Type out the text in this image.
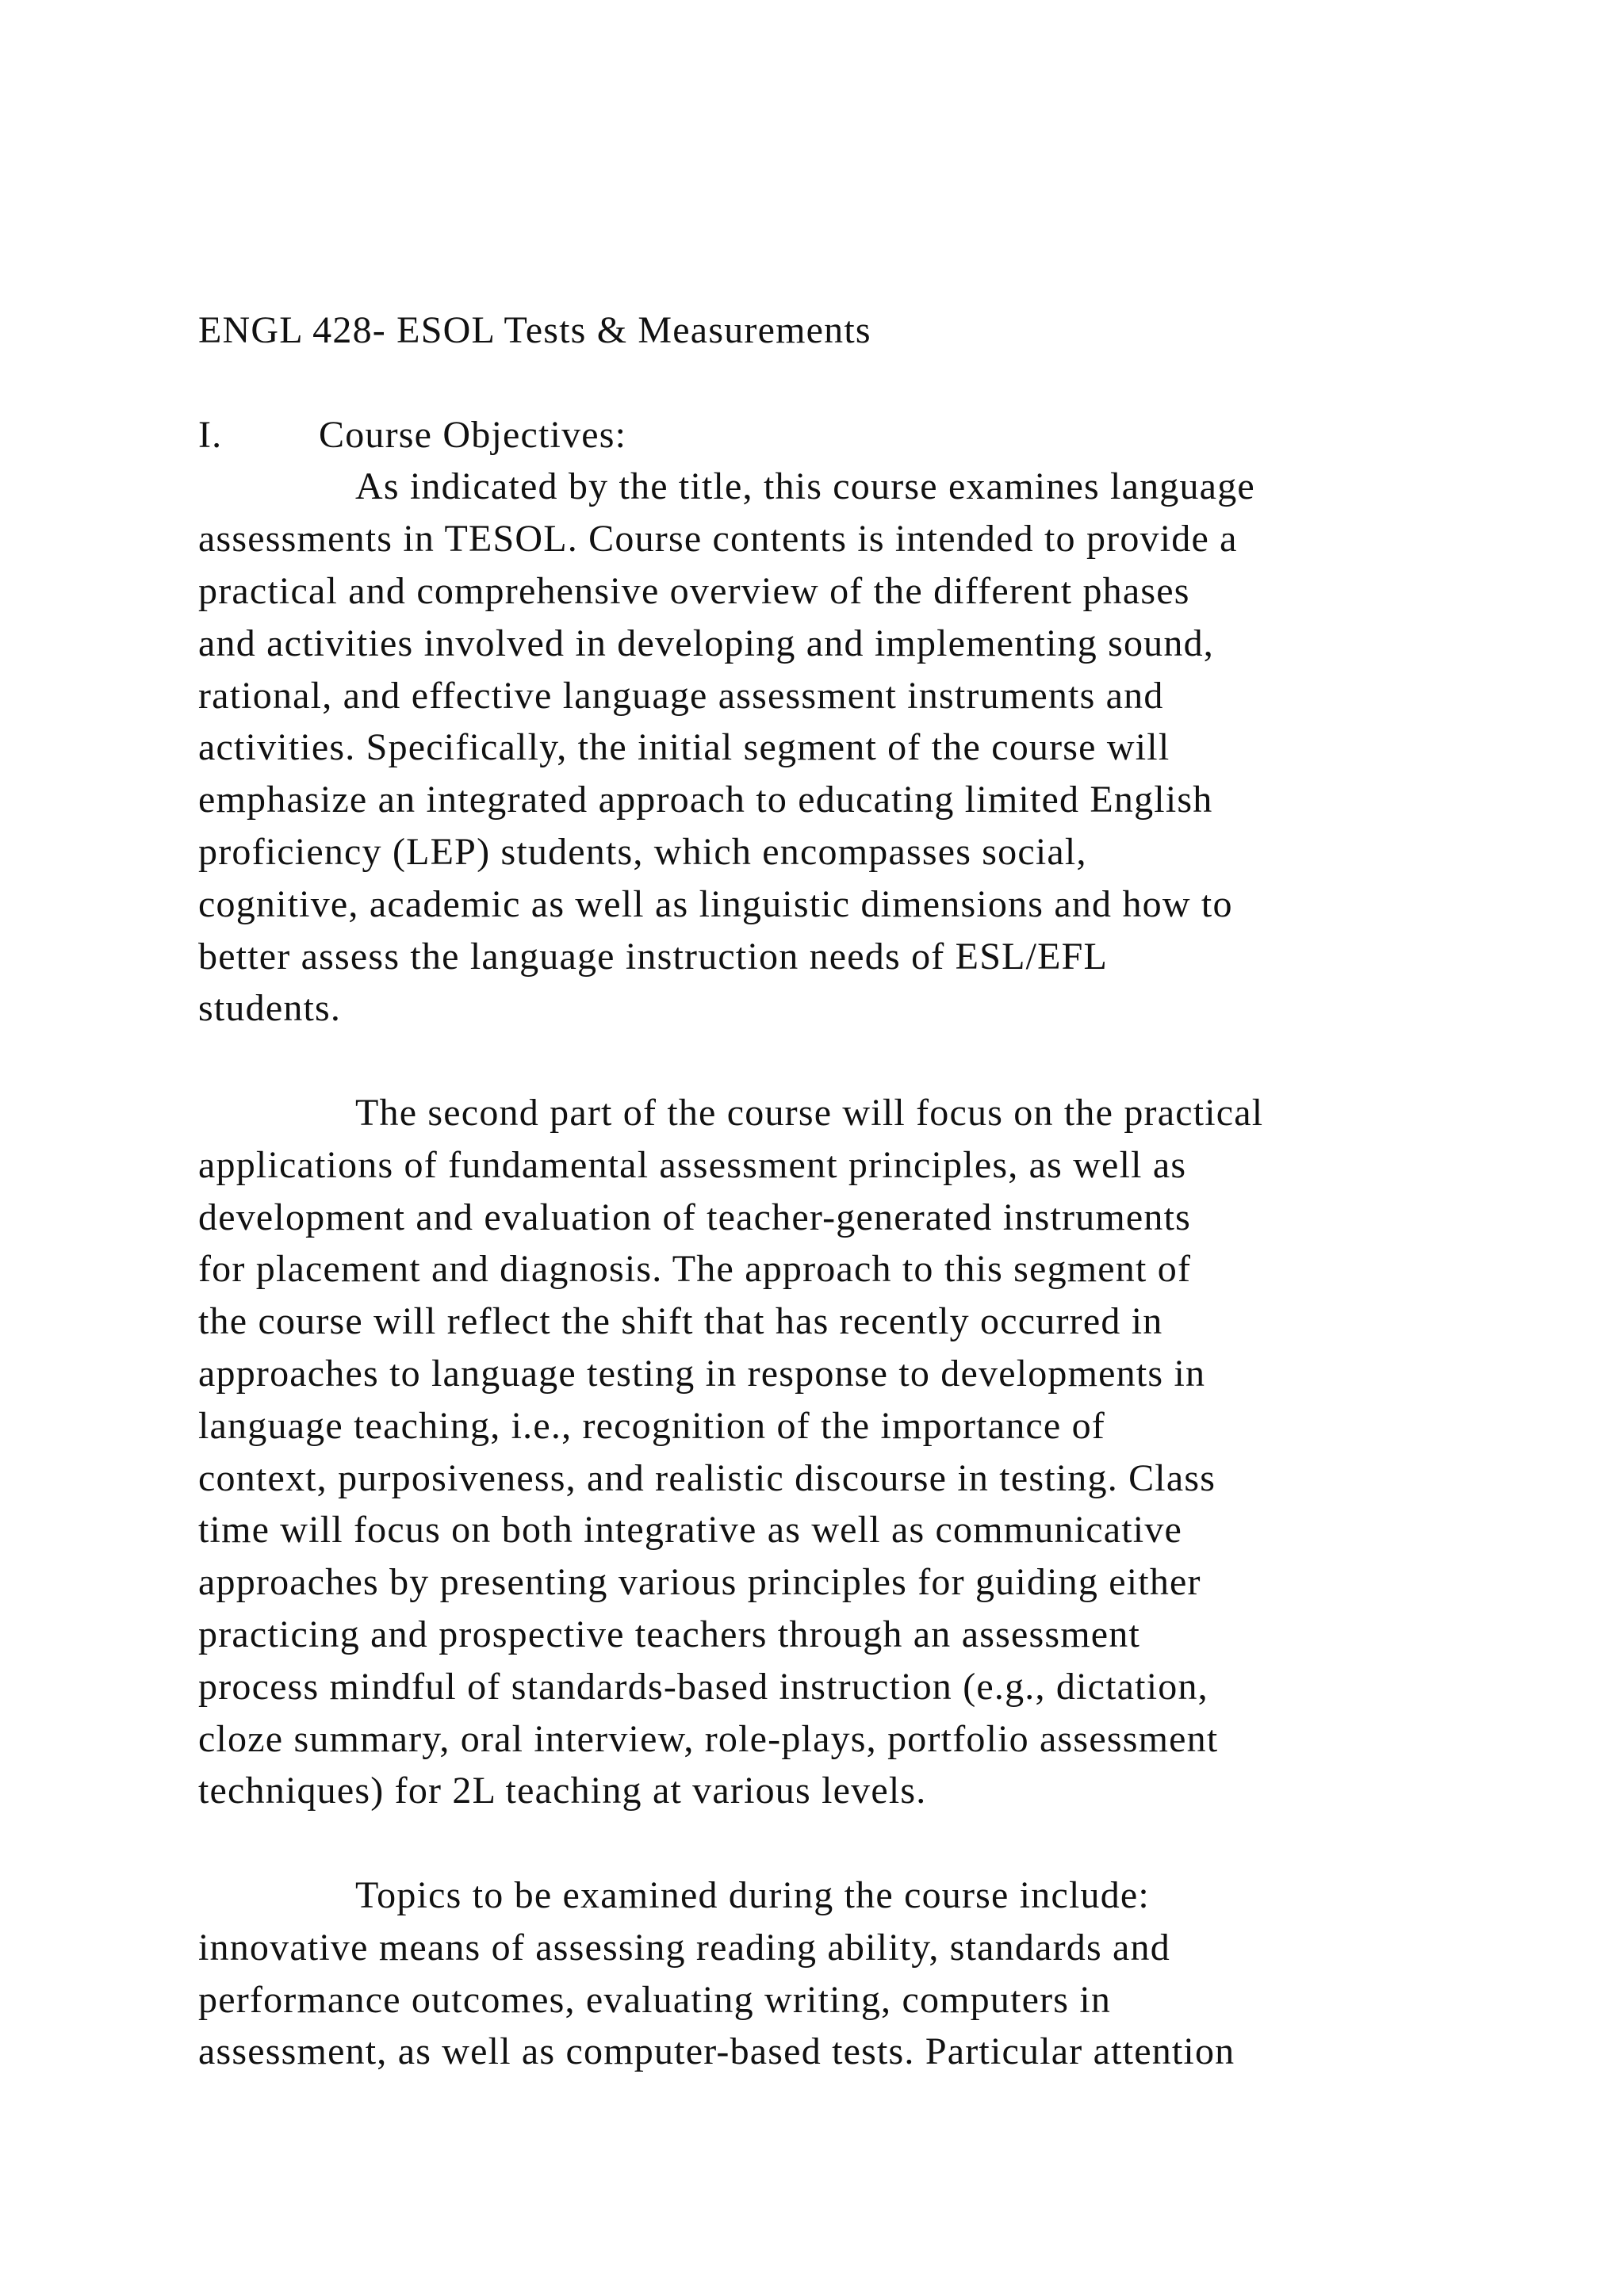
ENGL 428- ESOL Tests & Measurements
I.	Course Objectives:
As indicated by the title, this course examines language
assessments in TESOL. Course contents is intended to provide a
practical and comprehensive overview of the different phases
and activities involved in developing and implementing sound,
rational, and effective language assessment instruments and
activities. Specifically, the initial segment of the course will
emphasize an integrated approach to educating limited English
proficiency (LEP) students, which encompasses social,
cognitive, academic as well as linguistic dimensions and how to
better assess the language instruction needs of ESL/EFL
students.
The second part of the course will focus on the practical
applications of fundamental assessment principles, as well as
development and evaluation of teacher-generated instruments
for placement and diagnosis. The approach to this segment of
the course will reflect the shift that has recently occurred in
approaches to language testing in response to developments in
language teaching, i.e., recognition of the importance of
context, purposiveness, and realistic discourse in testing. Class
time will focus on both integrative as well as communicative
approaches by presenting various principles for guiding either
practicing and prospective teachers through an assessment
process mindful of standards-based instruction (e.g., dictation,
cloze summary, oral interview, role-plays, portfolio assessment
techniques) for 2L teaching at various levels.
Topics to be examined during the course include:
innovative means of assessing reading ability, standards and
performance outcomes, evaluating writing, computers in
assessment, as well as computer-based tests. Particular attention
